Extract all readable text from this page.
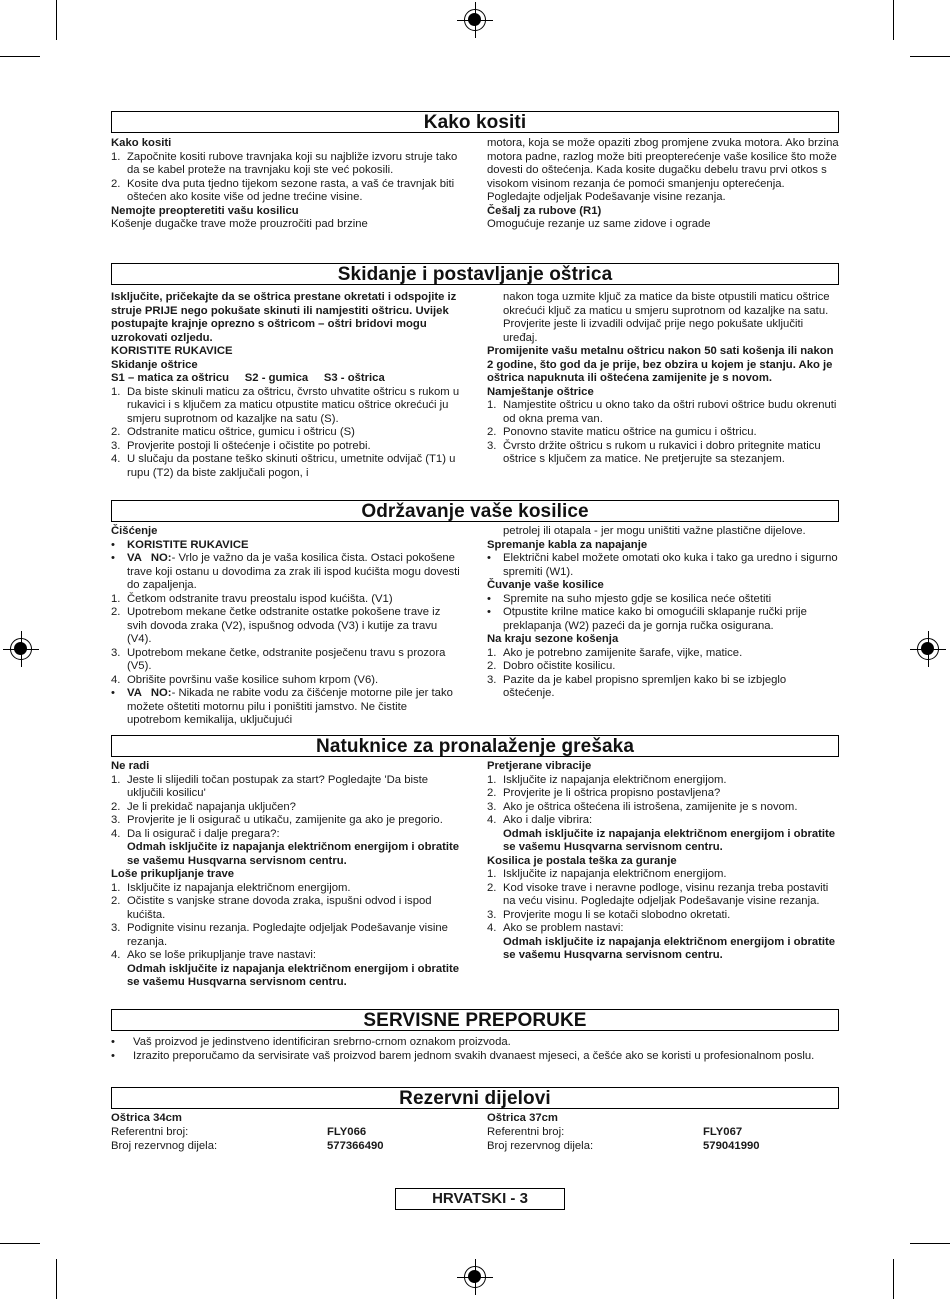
Kako kositi

Kako kositi

1. Započnite kositi rubove travnjaka koji su najbliže izvoru struje tako da se kabel proteže na travnjaku koji ste već pokosili.
2. Kosite dva puta tjedno tijekom sezone rasta, a vaš će travnjak biti oštećen ako kosite više od jedne trećine visine.

Nemojte preopteretiti vašu kosilicu

Košenje dugačke trave može prouzročiti pad brzine

motora, koja se može opaziti zbog promjene zvuka motora. Ako brzina motora padne, razlog može biti preopterećenje vaše kosilice što može dovesti do oštećenja. Kada kosite dugačku debelu travu prvi otkos s visokom visinom rezanja će pomoći smanjenju opterećenja. Pogledajte odjeljak Podešavanje visine rezanja.

Češalj za rubove (R1)

Omogućuje rezanje uz same zidove i ograde

Skidanje i postavljanje oštrica

Isključite, pričekajte da se oštrica prestane okretati i odspojite iz struje PRIJE nego pokušate skinuti ili namjestiti oštricu. Uvijek postupajte krajnje oprezno s oštricom – oštri bridovi mogu uzrokovati ozljedu.

KORISTITE RUKAVICE

Skidanje oštrice

S1 – matica za oštricu     S2 - gumica     S3 - oštrica

1. Da biste skinuli maticu za oštricu, čvrsto uhvatite oštricu s rukom u rukavici i s ključem za maticu otpustite maticu oštrice okrećući ju smjeru suprotnom od kazaljke na satu (S).
2. Odstranite maticu oštrice, gumicu i oštricu (S)
3. Provjerite postoji li oštećenje i očistite po potrebi.
4. U slučaju da postane teško skinuti oštricu, umetnite odvijač (T1) u rupu (T2) da biste zaključali pogon, i

nakon toga uzmite ključ za matice da biste otpustili maticu oštrice okrećući ključ za maticu u smjeru suprotnom od kazaljke na satu. Provjerite jeste li izvadili odvijač prije nego pokušate uključiti uređaj.

Promijenite vašu metalnu oštricu nakon 50 sati košenja ili nakon 2 godine, što god da je prije, bez obzira u kojem je stanju. Ako je oštrica napuknuta ili oštećena zamijenite je s novom.

Namještanje oštrice

1. Namjestite oštricu u okno tako da oštri rubovi oštrice budu okrenuti od okna prema van.
2. Ponovno stavite maticu oštrice na gumicu i oštricu.
3. Čvrsto držite oštricu s rukom u rukavici i dobro pritegnite maticu oštrice s ključem za matice. Ne pretjerujte sa stezanjem.
Održavanje vaše kosilice

Čišćenje

•	KORISTITE RUKAVICE
•	VA   NO:- Vrlo je važno da je vaša kosilica čista. Ostaci pokošene trave koji ostanu u dovodima za zrak ili ispod kućišta mogu dovesti do zapaljenja.
1. Četkom odstranite travu preostalu ispod kućišta. (V1)
2. Upotrebom mekane četke odstranite ostatke pokošene trave iz svih dovoda zraka (V2), ispušnog odvoda (V3) i kutije za travu (V4).
3. Upotrebom mekane četke, odstranite posječenu travu s prozora (V5).
4. Obrišite površinu vaše kosilice suhom krpom (V6).
•	VA   NO:- Nikada ne rabite vodu za čišćenje motorne pile jer tako možete oštetiti motornu pilu i poništiti jamstvo. Ne čistite upotrebom kemikalija, uključujući

petrolej ili otapala - jer mogu uništiti važne plastične dijelove.

Spremanje kabla za napajanje

•	Električni kabel možete omotati oko kuka i tako ga uredno i sigurno spremiti (W1).

Čuvanje vaše kosilice

•	Spremite na suho mjesto gdje se kosilica neće oštetiti
•	Otpustite krilne matice kako bi omogućili sklapanje ručki prije preklapanja (W2) pazeći da je gornja ručka osigurana.

Na kraju sezone košenja

1. Ako je potrebno zamijenite šarafe, vijke, matice.
2. Dobro očistite kosilicu.
3. Pazite da je kabel propisno spremljen kako bi se izbjeglo oštećenje.
Natuknice za pronalaženje grešaka

Ne radi

1. Jeste li slijedili točan postupak za start? Pogledajte 'Da biste uključili kosilicu'
2. Je li prekidač napajanja uključen?
3. Provjerite je li osigurač u utikaču, zamijenite ga ako je pregorio.
4. Da li osigurač i dalje pregara?:

Odmah isključite iz napajanja električnom energijom i obratite se vašemu Husqvarna servisnom centru.

Loše prikupljanje trave

1. Isključite iz napajanja električnom energijom.
2. Očistite s vanjske strane dovoda zraka, ispušni odvod i ispod kućišta.
3. Podignite visinu rezanja. Pogledajte odjeljak Podešavanje visine rezanja.
4. Ako se loše prikupljanje trave nastavi:

Odmah isključite iz napajanja električnom energijom i obratite se vašemu Husqvarna servisnom centru.

Pretjerane vibracije

1. Isključite iz napajanja električnom energijom.
2. Provjerite je li oštrica propisno postavljena?
3. Ako je oštrica oštećena ili istrošena, zamijenite je s novom.
4. Ako i dalje vibrira:

Odmah isključite iz napajanja električnom energijom i obratite se vašemu Husqvarna servisnom centru.

Kosilica je postala teška za guranje

1. Isključite iz napajanja električnom energijom.
2. Kod visoke trave i neravne podloge, visinu rezanja treba postaviti na veću visinu. Pogledajte odjeljak Podešavanje visine rezanja.
3. Provjerite mogu li se kotači slobodno okretati.
4. Ako se problem nastavi:

Odmah isključite iz napajanja električnom energijom i obratite se vašemu Husqvarna servisnom centru.

SERVISNE PREPORUKE
•	Vaš proizvod je jedinstveno identificiran srebrno-crnom oznakom proizvoda.
•	Izrazito preporučamo da servisirate vaš proizvod barem jednom svakih dvanaest mjeseci, a češće ako se koristi u profesionalnom poslu.
Rezervni dijelovi

Oštrica 34cm

Referentni broj:	FLY066
Broj rezervnog dijela:	577366490

Oštrica 37cm

Referentni broj:	FLY067
Broj rezervnog dijela:	579041990
HRVATSKI - 3
